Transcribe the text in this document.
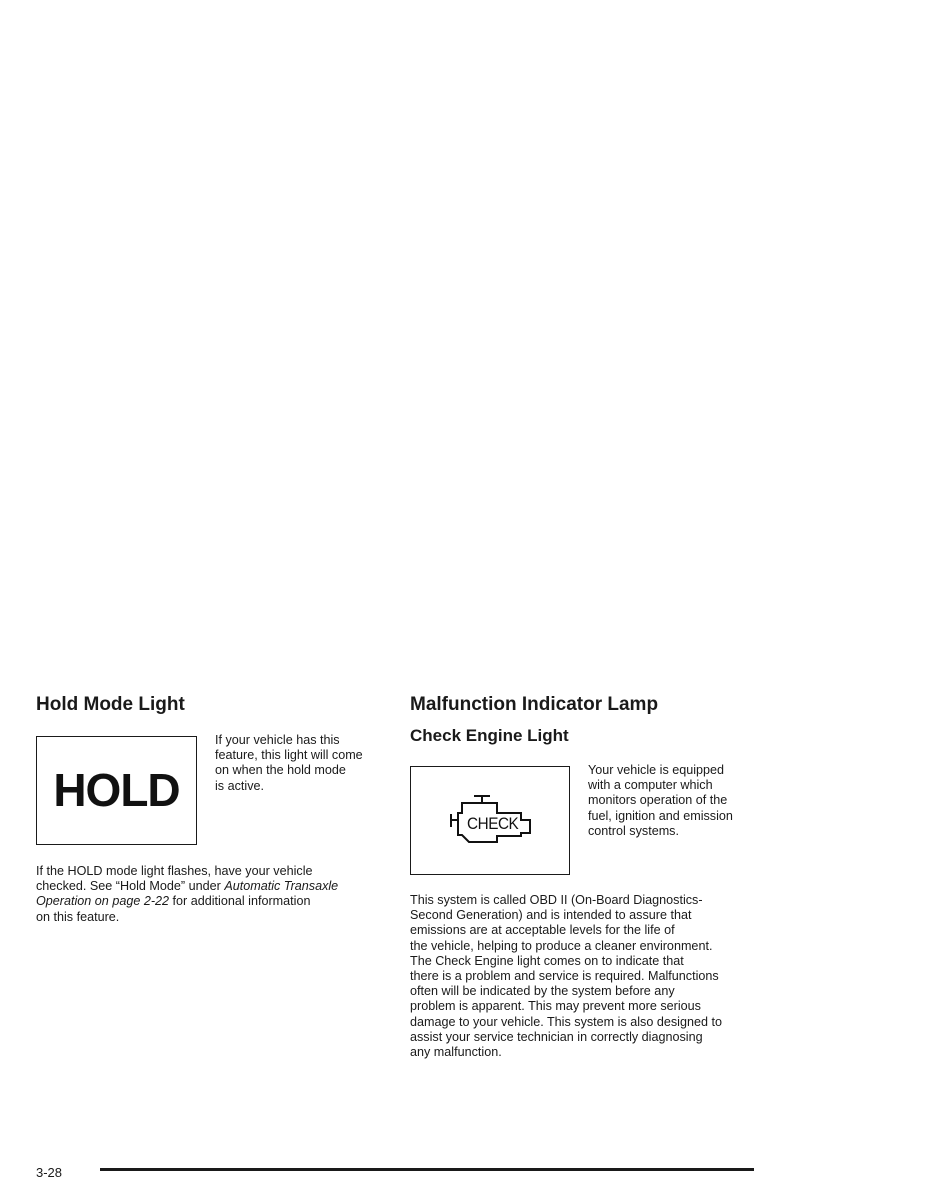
Hold Mode Light
HOLD

If your vehicle has this
feature, this light will come
on when the hold mode
is active.

If the HOLD mode light flashes, have your vehicle
checked. See “Hold Mode” under Automatic Transaxle
Operation on page 2-22 for additional information
on this feature.

Malfunction Indicator Lamp
Check Engine Light
CHECK

Your vehicle is equipped
with a computer which
monitors operation of the
fuel, ignition and emission
control systems.

This system is called OBD II (On-Board Diagnostics-
Second Generation) and is intended to assure that
emissions are at acceptable levels for the life of
the vehicle, helping to produce a cleaner environment.
The Check Engine light comes on to indicate that
there is a problem and service is required. Malfunctions
often will be indicated by the system before any
problem is apparent. This may prevent more serious
damage to your vehicle. This system is also designed to
assist your service technician in correctly diagnosing
any malfunction.

3-28
